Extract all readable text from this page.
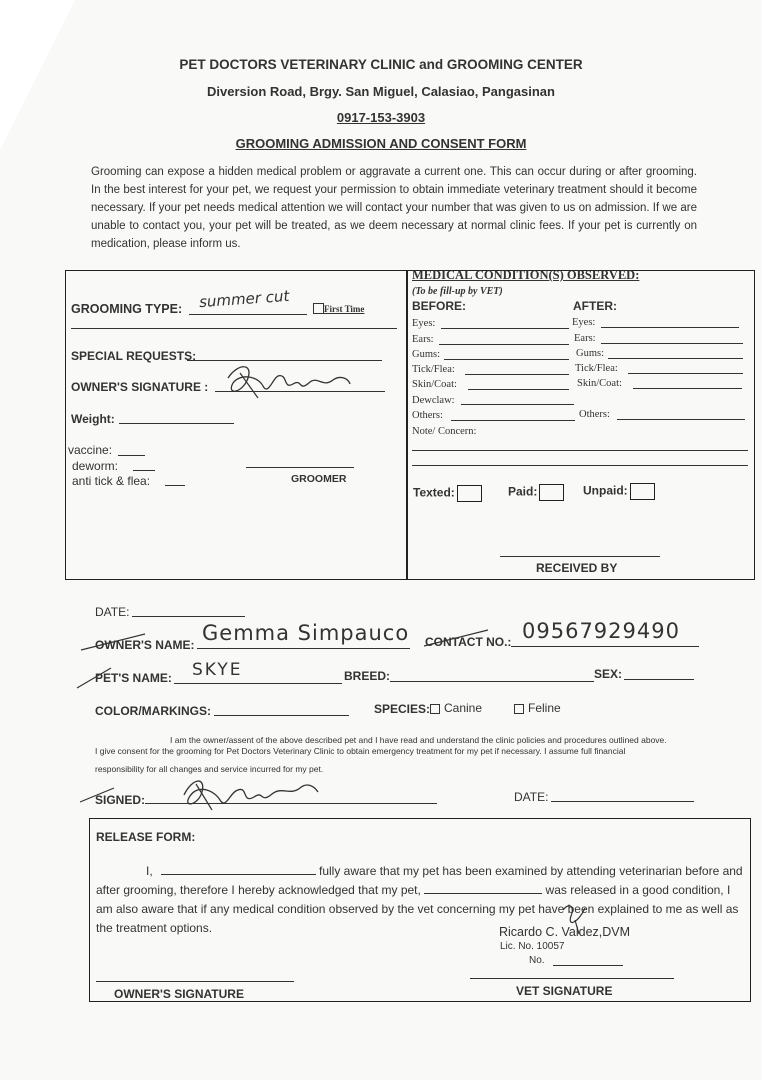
PET DOCTORS VETERINARY CLINIC and GROOMING CENTER
Diversion Road, Brgy. San Miguel, Calasiao, Pangasinan
0917-153-3903
GROOMING ADMISSION AND CONSENT FORM
Grooming can expose a hidden medical problem or aggravate a current one. This can occur during or after grooming. In the best interest for your pet, we request your permission to obtain immediate veterinary treatment should it become necessary. If your pet needs medical attention we will contact your number that was given to us on admission. If we are unable to contact you, your pet will be treated, as we deem necessary at normal clinic fees. If your pet is currently on medication, please inform us.
GROOMING TYPE: summer cut	First Time
SPECIAL REQUESTS:
OWNER'S SIGNATURE :
Weight:
vaccine:
deworm:
anti tick & flea:	GROOMER
MEDICAL CONDITION(S) OBSERVED:
(To be fill-up by VET)
BEFORE:	AFTER:
Eyes:	Eyes:
Ears:	Ears:
Gums:	Gums:
Tick/Flea:	Tick/Flea:
Skin/Coat:	Skin/Coat:
Dewclaw:
Others:	Others:
Note/ Concern:
Texted:	Paid:	Unpaid:
RECEIVED BY
DATE:
OWNER'S NAME: Gemma Simpauco CONTACT NO.: 09567929490
PET'S NAME: SKYE	BREED:	SEX:
COLOR/MARKINGS:	SPECIES:	Canine	Feline
I am the owner/assent of the above described pet and I have read and understand the clinic policies and procedures outlined above.
I give consent for the grooming for Pet Doctors Veterinary Clinic to obtain emergency treatment for my pet if necessary. I assume full financial
responsibility for all changes and service incurred for my pet.
SIGNED:	DATE:
RELEASE FORM:
I,	fully aware that my pet has been examined by attending veterinarian before and after grooming, therefore I hereby acknowledged that my pet,	was released in a good condition, I am also aware that if any medical condition observed by the vet concerning my pet have been explained to me as well as the treatment options.	Ricardo C. Valdez,DVM
Lic. No. 10057
No.
OWNER'S SIGNATURE	VET SIGNATURE
